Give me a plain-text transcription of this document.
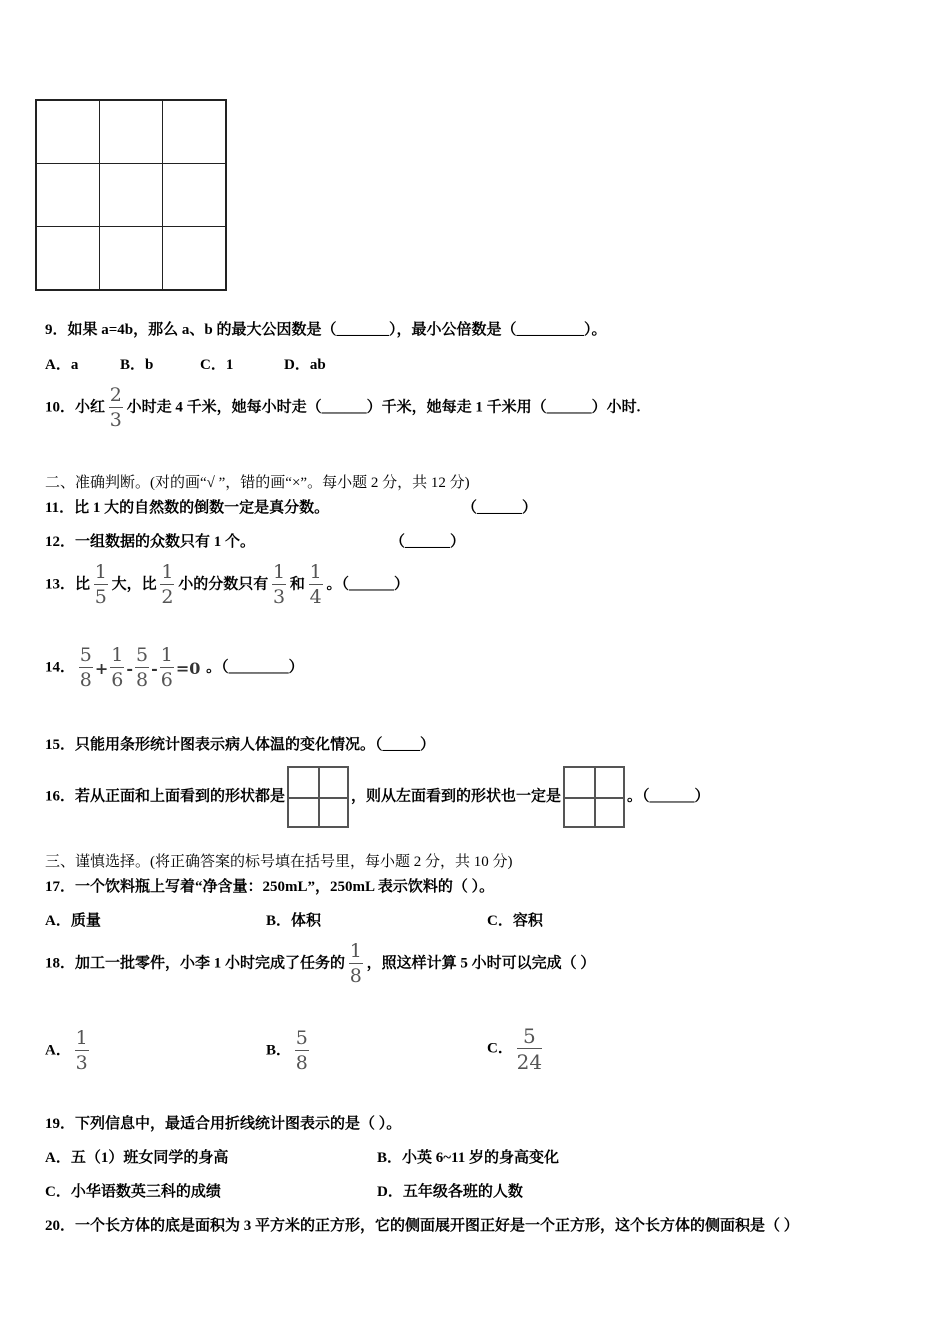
9．如果 a=4b，那么 a、b 的最大公因数是（_______），最小公倍数是（_________）。
A．a	B．b	C．1	D．ab
10．小红 $\frac{2}{3}$ 小时走 4 千米，她每小时走（______）千米，她每走 1 千米用（______）小时.
二、准确判断。(对的画“√ ”，错的画“×”。每小题 2 分，共 12 分)
11．比 1 大的自然数的倒数一定是真分数。	（______）
12．一组数据的众数只有 1 个。	（______）
13．比 $\frac{1}{5}$ 大，比 $\frac{1}{2}$ 小的分数只有 $\frac{1}{3}$ 和 $\frac{1}{4}$ 。（______）
14． $\frac{5}{8} + \frac{1}{6} - \frac{5}{8} - \frac{1}{6} =0$ 。（________）
15．只能用条形统计图表示病人体温的变化情况。（_____）
16．若从正面和上面看到的形状都是	，则从左面看到的形状也一定是	。（______）
三、谨慎选择。(将正确答案的标号填在括号里，每小题 2 分，共 10 分)
17．一个饮料瓶上写着“净含量：250mL”，250mL 表示饮料的（ ）。
A．质量	B．体积	C．容积
18．加工一批零件，小李 1 小时完成了任务的 $\frac{1}{8}$ ，照这样计算 5 小时可以完成（ ）
A． $\frac{1}{3}$	B． $\frac{5}{8}$	C． $\frac{5}{24}$
19．下列信息中，最适合用折线统计图表示的是（ ）。
A．五（1）班女同学的身高	B．小英 6~11 岁的身高变化
C．小华语数英三科的成绩	D．五年级各班的人数
20．一个长方体的底是面积为 3 平方米的正方形，它的侧面展开图正好是一个正方形，这个长方体的侧面积是（ ）
